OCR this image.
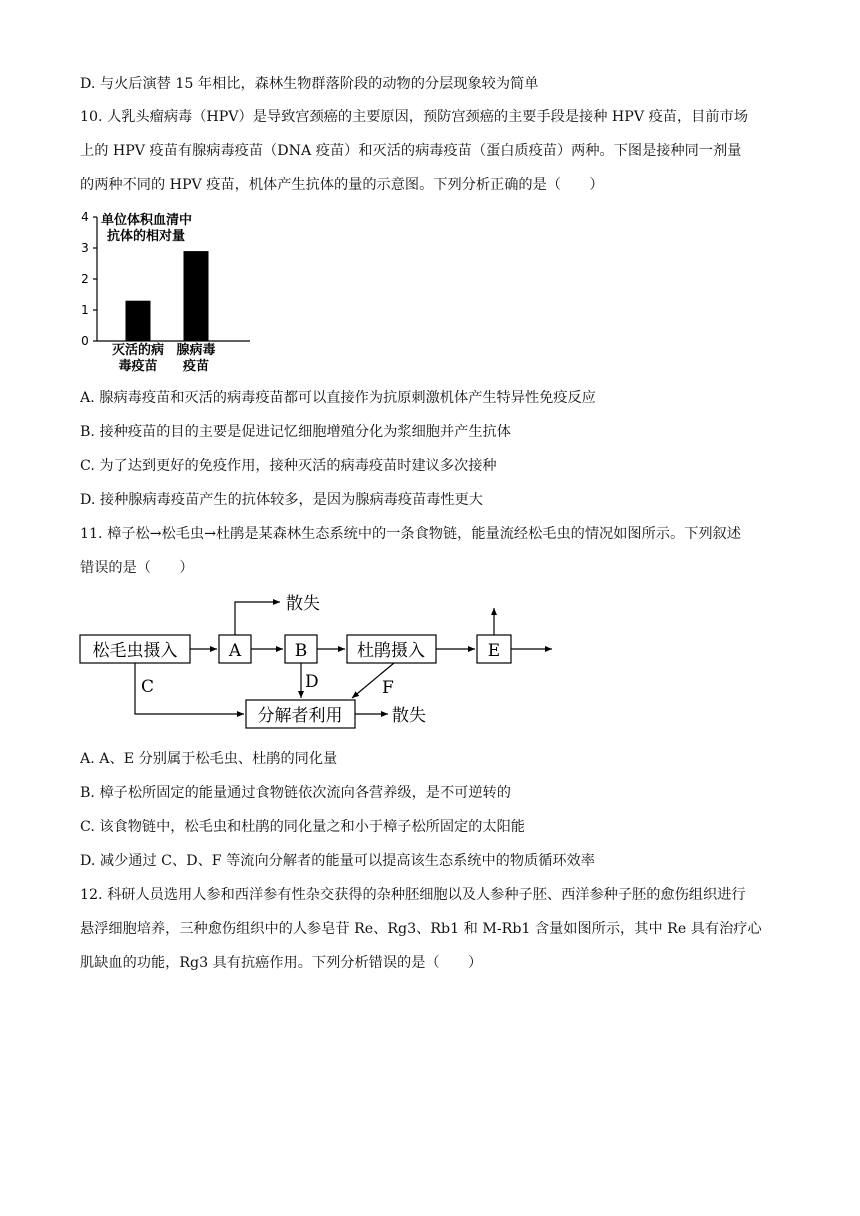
D. 与火后演替 15 年相比，森林生物群落阶段的动物的分层现象较为简单
10. 人乳头瘤病毒（HPV）是导致宫颈癌的主要原因，预防宫颈癌的主要手段是接种 HPV 疫苗，目前市场
上的 HPV 疫苗有腺病毒疫苗（DNA 疫苗）和灭活的病毒疫苗（蛋白质疫苗）两种。下图是接种同一剂量
的两种不同的 HPV 疫苗，机体产生抗体的量的示意图。下列分析正确的是（　　）
单位体积血清中
抗体的相对量
0
1
2
3
4
灭活的病
毒疫苗
腺病毒
疫苗
A. 腺病毒疫苗和灭活的病毒疫苗都可以直接作为抗原刺激机体产生特异性免疫反应
B. 接种疫苗的目的主要是促进记忆细胞增殖分化为浆细胞并产生抗体
C. 为了达到更好的免疫作用，接种灭活的病毒疫苗时建议多次接种
D. 接种腺病毒疫苗产生的抗体较多，是因为腺病毒疫苗毒性更大
11. 樟子松→松毛虫→杜鹃是某森林生态系统中的一条食物链，能量流经松毛虫的情况如图所示。下列叙述
错误的是（　　）
松毛虫摄入	A	B	杜鹃摄入	E
分解者利用
散失
散失
C	D	F
A. A、E 分别属于松毛虫、杜鹃的同化量
B. 樟子松所固定的能量通过食物链依次流向各营养级，是不可逆转的
C. 该食物链中，松毛虫和杜鹃的同化量之和小于樟子松所固定的太阳能
D. 减少通过 C、D、F 等流向分解者的能量可以提高该生态系统中的物质循环效率
12. 科研人员选用人参和西洋参有性杂交获得的杂种胚细胞以及人参种子胚、西洋参种子胚的愈伤组织进行
悬浮细胞培养，三种愈伤组织中的人参皂苷 Re、Rg3、Rb1 和 M-Rb1 含量如图所示，其中 Re 具有治疗心
肌缺血的功能，Rg3 具有抗癌作用。下列分析错误的是（　　）
